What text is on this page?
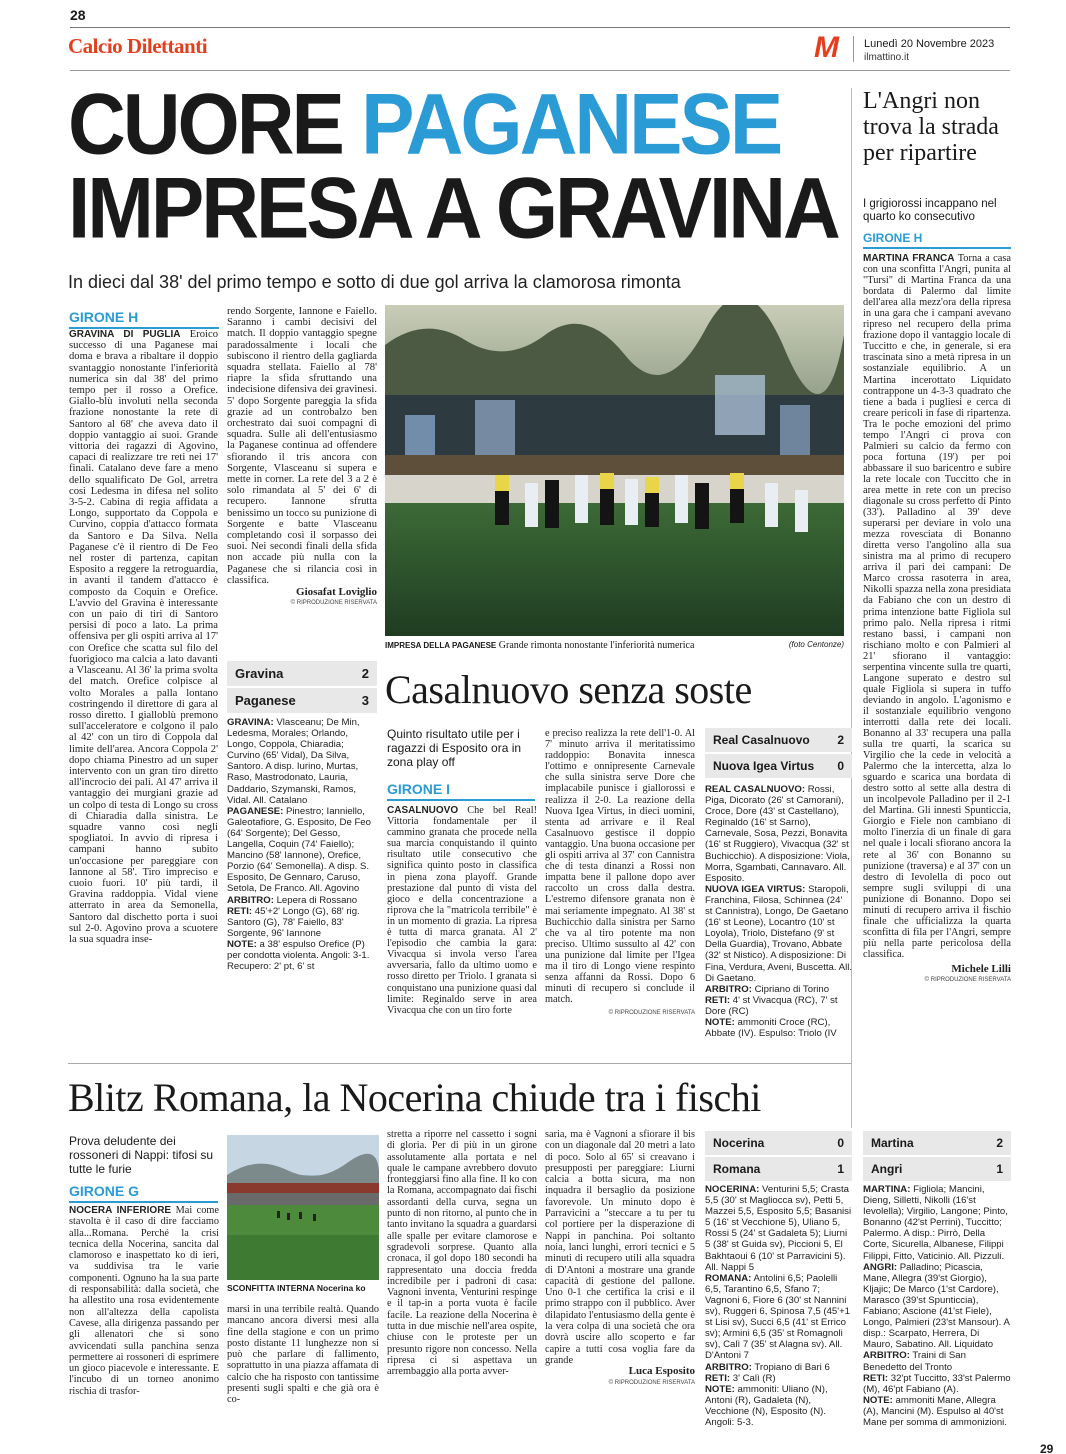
28
Calcio Dilettanti	M Lunedì 20 Novembre 2023
ilmattino.it
CUORE PAGANESE
IMPRESA A GRAVINA
In dieci dal 38' del primo tempo e sotto di due gol arriva la clamorosa rimonta
L'Angri non trova la strada per ripartire
I grigiorossi incappano nel quarto ko consecutivo
GIRONE H
MARTINA FRANCA Torna a casa con una sconfitta l'Angri, punita al "Tursi" di Martina Franca da una bordata di Palermo dal limite dell'area alla mezz'ora della ripresa in una gara che i campani avevano ripreso nel recupero della prima frazione dopo il vantaggio locale di Tuccitto e che, in generale, si era trascinata sino a metà ripresa in un sostanziale equilibrio. A un Martina incerottato Liquidato contrappone un 4-3-3 quadrato che tiene a bada i pugliesi e cerca di creare pericoli in fase di ripartenza. Tra le poche emozioni del primo tempo l'Angri ci prova con Palmieri su calcio da fermo con poca fortuna (19') per poi abbassare il suo baricentro e subire la rete locale con Tuccitto che in area mette in rete con un preciso diagonale su cross perfetto di Pinto (33'). Palladino al 39' deve superarsi per deviare in volo una mezza rovesciata di Bonanno diretta verso l'angolino alla sua sinistra ma al primo di recupero arriva il pari dei campani: De Marco crossa rasoterra in area, Nikolli spazza nella zona presidiata da Fabiano che con un destro di prima intenzione batte Figliola sul primo palo. Nella ripresa i ritmi restano bassi, i campani non rischiano molto e con Palmieri al 21' sfiorano il vantaggio: serpentina vincente sulla tre quarti, Langone superato e destro sul quale Figliola si supera in tuffo deviando in angolo. L'agonismo e il sostanziale equilibrio vengono interrotti dalla rete dei locali. Bonanno al 33' recupera una palla sulla tre quarti, la scarica su Virgilio che la cede in velocità a Palermo che la intercetta, alza lo sguardo e scarica una bordata di destro sotto al sette alla destra di un incolpevole Palladino per il 2-1 del Martina. Gli innesti Spunticcia, Giorgio e Fiele non cambiano di molto l'inerzia di un finale di gara nel quale i locali sfiorano ancora la rete al 36' con Bonanno su punizione (traversa) e al 37' con un destro di Ievolella di poco out sempre sugli sviluppi di una punizione di Bonanno. Dopo sei minuti di recupero arriva il fischio finale che ufficializza la quarta sconfitta di fila per l'Angri, sempre più nella parte pericolosa della classifica.
Michele Lilli
© RIPRODUZIONE RISERVATA
GIRONE H
GRAVINA DI PUGLIA Eroico successo di una Paganese mai doma e brava a ribaltare il doppio svantaggio nonostante l'inferiorità numerica sin dal 38' del primo tempo per il rosso a Orefice. Giallo-blù involuti nella seconda frazione nonostante la rete di Santoro al 68' che aveva dato il doppio vantaggio ai suoi. Grande vittoria dei ragazzi di Agovino, capaci di realizzare tre reti nei 17' finali. Catalano deve fare a meno dello squalificato De Gol, arretra così Ledesma in difesa nel solito 3-5-2. Cabina di regia affidata a Longo, supportato da Coppola e Curvino, coppia d'attacco formata da Santoro e Da Silva. Nella Paganese c'è il rientro di De Feo nel roster di partenza, capitan Esposito a reggere la retroguardia, in avanti il tandem d'attacco è composto da Coquin e Orefice. L'avvio del Gravina è interessante con un paio di tiri di Santoro persisi di poco a lato. La prima offensiva per gli ospiti arriva al 17' con Orefice che scatta sul filo del fuorigioco ma calcia a lato davanti a Vlasceanu. Al 36' la prima svolta del match. Orefice colpisce al volto Morales a palla lontano costringendo il direttore di gara al rosso diretto. I gialloblù premono sull'acceleratore e colgono il palo al 42' con un tiro di Coppola dal limite dell'area. Ancora Coppola 2' dopo chiama Pinestro ad un super intervento con un gran tiro diretto all'incrocio dei pali. Al 47' arriva il vantaggio dei murgiani grazie ad un colpo di testa di Longo su cross di Chiaradia dalla sinistra. Le squadre vanno così negli spogliatoi. In avvio di ripresa i campani hanno subito un'occasione per pareggiare con Iannone al 58'. Tiro impreciso e cuoio fuori. 10' più tardi, il Gravina raddoppia. Vidal viene atterrato in area da Semonella, Santoro dal dischetto porta i suoi sul 2-0. Agovino prova a scuotere la sua squadra inse-
rendo Sorgente, Iannone e Faiello. Saranno i cambi decisivi del match. Il doppio vantaggio spegne paradossalmente i locali che subiscono il rientro della gagliarda squadra stellata. Faiello al 78' riapre la sfida sfruttando una indecisione difensiva dei gravinesi. 5' dopo Sorgente pareggia la sfida grazie ad un controbalzo ben orchestrato dai suoi compagni di squadra. Sulle ali dell'entusiasmo la Paganese continua ad offendere sfiorando il tris ancora con Sorgente, Vlasceanu si supera e mette in corner. La rete del 3 a 2 è solo rimandata al 5' dei 6' di recupero. Iannone sfrutta benissimo un tocco su punizione di Sorgente e batte Vlasceanu completando così il sorpasso dei suoi. Nei secondi finali della sfida non accade più nulla con la Paganese che si rilancia così in classifica.
Giosafat Loviglio
© RIPRODUZIONE RISERVATA
IMPRESA DELLA PAGANESE Grande rimonta nonostante l'inferiorità numerica	(foto Centonze)
Gravina	2
Paganese	3
GRAVINA: Vlasceanu; De Min, Ledesma, Morales; Orlando, Longo, Coppola, Chiaradia; Curvino (65' Vidal), Da Silva, Santoro. A disp. Iurino, Murtas, Raso, Mastrodonato, Lauria, Daddario, Szymanski, Ramos, Vidal. All. Catalano
PAGANESE: Pinestro; Ianniello, Galeotafiore, G. Esposito, De Feo (64' Sorgente); Del Gesso, Langella, Coquin (74' Faiello); Mancino (58' Iannone), Orefice, Porzio (64' Semonella). A disp. S. Esposito, De Gennaro, Caruso, Setola, De Franco. All. Agovino
ARBITRO: Lepera di Rossano
RETI: 45'+2' Longo (G), 68' rig. Santoro (G), 78' Faiello, 83' Sorgente, 96' Iannone
NOTE: a 38' espulso Orefice (P) per condotta violenta. Angoli: 3-1. Recupero: 2' pt, 6' st
Casalnuovo senza soste
Quinto risultato utile per i ragazzi di Esposito ora in zona play off
GIRONE I
CASALNUOVO Che bel Real! Vittoria fondamentale per il cammino granata che procede nella sua marcia conquistando il quinto risultato utile consecutivo che significa quinto posto in classifica in piena zona playoff. Grande prestazione dal punto di vista del gioco e della concentrazione a riprova che la "matricola terribile" è in un momento di grazia. La ripresa è tutta di marca granata. Al 2' l'episodio che cambia la gara: Vivacqua si invola verso l'area avversaria, fallo da ultimo uomo e rosso diretto per Triolo. I granata si conquistano una punizione quasi dal limite: Reginaldo serve in area Vivacqua che con un tiro forte
e preciso realizza la rete dell'1-0. Al 7' minuto arriva il meritatissimo raddoppio: Bonavita innesca l'ottimo e onnipresente Carnevale che sulla sinistra serve Dore che implacabile punisce i giallorossi e realizza il 2-0. La reazione della Nuova Igea Virtus, in dieci uomini, stenta ad arrivare e il Real Casalnuovo gestisce il doppio vantaggio. Una buona occasione per gli ospiti arriva al 37' con Cannistra che di testa dinanzi a Rossi non impatta bene il pallone dopo aver raccolto un cross dalla destra. L'estremo difensore granata non è mai seriamente impegnato. Al 38' st Buchicchio dalla sinistra per Sarno che va al tiro potente ma non preciso. Ultimo sussulto al 42' con una punizione dal limite per l'Igea ma il tiro di Longo viene respinto senza affanni da Rossi. Dopo 6 minuti di recupero si conclude il match.
© RIPRODUZIONE RISERVATA
Real Casalnuovo 2
Nuova Igea Virtus 0
REAL CASALNUOVO: Rossi, Piga, Dicorato (26' st Camorani), Croce, Dore (43' st Castellano), Reginaldo (16' st Sarno), Carnevale, Sosa, Pezzi, Bonavita (16' st Ruggiero), Vivacqua (32' st Buchicchio). A disposizione: Viola, Morra, Sgambati, Cannavaro. All. Esposito.
NUOVA IGEA VIRTUS: Staropoli, Franchina, Filosa, Schinnea (24' st Cannistra), Longo, De Gaetano (16' st Leone), Locantro (10' st Loyola), Triolo, Distefano (9' st Della Guardia), Trovano, Abbate (32' st Nistico). A disposizione: Di Fina, Verdura, Aveni, Buscetta. All. Di Gaetano.
ARBITRO: Cipriano di Torino
RETI: 4' st Vivacqua (RC), 7' st Dore (RC)
NOTE: ammoniti Croce (RC), Abbate (IV). Espulso: Triolo (IV
Blitz Romana, la Nocerina chiude tra i fischi
Prova deludente dei rossoneri di Nappi: tifosi su tutte le furie
GIRONE G
NOCERA INFERIORE Mai come stavolta è il caso di dire facciamo alla...Romana. Perché la crisi tecnica della Nocerina, sancita dal clamoroso e inaspettato ko di ieri, va suddivisa tra le varie componenti. Ognuno ha la sua parte di responsabilità: dalla società, che ha allestito una rosa evidentemente non all'altezza della capolista Cavese, alla dirigenza passando per gli allenatori che si sono avvicendati sulla panchina senza permettere ai rossoneri di esprimere un gioco piacevole e interessante. E l'incubo di un torneo anonimo rischia di trasfor-
SCONFITTA INTERNA Nocerina ko
marsi in una terribile realtà. Quando mancano ancora diversi mesi alla fine della stagione e con un primo posto distante 11 lunghezze non si può che parlare di fallimento, soprattutto in una piazza affamata di calcio che ha risposto con tantissime presenti sugli spalti e che già ora è co-
stretta a riporre nel cassetto i sogni di gloria. Per di più in un girone assolutamente alla portata e nel quale le campane avrebbero dovuto fronteggiarsi fino alla fine. Il ko con la Romana, accompagnato dai fischi assordanti della curva, segna un punto di non ritorno, al punto che in tanto invitano la squadra a guardarsi alle spalle per evitare clamorose e sgradevoli sorprese. Quanto alla cronaca, il gol dopo 180 secondi ha rappresentato una doccia fredda incredibile per i padroni di casa: Vagnoni inventa, Venturini respinge e il tap-in a porta vuota è facile facile. La reazione della Nocerina è tutta in due mischie nell'area ospite, chiuse con le proteste per un presunto rigore non concesso. Nella ripresa ci si aspettava un arrembaggio alla porta avver-
saria, ma è Vagnoni a sfiorare il bis con un diagonale dal 20 metri a lato di poco. Solo al 65' si creavano i presupposti per pareggiare: Liurni calcia a botta sicura, ma non inquadra il bersaglio da posizione favorevole. Un minuto dopo è Parravicini a "steccare a tu per tu col portiere per la disperazione di Nappi in panchina. Poi soltanto noia, lanci lunghi, errori tecnici e 5 minuti di recupero utili alla squadra di D'Antoni a mostrare una grande capacità di gestione del pallone. Uno 0-1 che certifica la crisi e il primo strappo con il pubblico. Aver dilapidato l'entusiasmo della gente è la vera colpa di una società che ora dovrà uscire allo scoperto e far capire a tutti cosa voglia fare da grande
Luca Esposito
© RIPRODUZIONE RISERVATA
Nocerina	0
Romana	1
NOCERINA: Venturini 5,5; Crasta 5,5 (30' st Magliocca sv), Petti 5, Mazzei 5,5, Esposito 5,5; Basanisi 5 (16' st Vecchione 5), Uliano 5, Rossi 5 (24' st Gadaleta 5); Liurni 5 (38' st Guida sv), Piccioni 5, El Bakhtaoui 6 (10' st Parravicini 5). All. Nappi 5
ROMANA: Antolini 6,5; Paolelli 6,5, Tarantino 6,5, Sfano 7; Vagnoni 6, Fiore 6 (30' st Nannini sv), Ruggeri 6, Spinosa 7,5 (45'+1 st Lisi sv), Succi 6,5 (41' st Errico sv); Armini 6,5 (35' st Romagnoli sv), Calì 7 (35' st Alagna sv). All. D'Antoni 7
ARBITRO: Tropiano di Bari 6
RETI: 3' Calì (R)
NOTE: ammoniti: Uliano (N), Antoni (R), Gadaleta (N), Vecchione (N), Esposito (N). Angoli: 5-3.
Martina	2
Angri	1
MARTINA: Figliola; Mancini, Dieng, Silletti, Nikolli (16'st Ievolella); Virgilio, Langone; Pinto, Bonanno (42'st Perrini), Tuccitto; Palermo. A disp.: Pirrò, Della Corte, Sicurella, Albanese, Filippi Filippi, Fitto, Vaticinio. All. Pizzuli.
ANGRI: Palladino; Picascia, Mane, Allegra (39'st Giorgio), Kljajic; De Marco (1'st Cardore), Marasco (39'st Spunticcia), Fabiano; Ascione (41'st Fiele), Longo, Palmieri (23'st Mansour). A disp.: Scarpato, Herrera, Di Mauro, Sabatino. All. Liquidato
ARBITRO: Traini di San Benedetto del Tronto
RETI: 32'pt Tuccitto, 33'st Palermo (M), 46'pt Fabiano (A).
NOTE: ammoniti Mane, Allegra (A), Mancini (M). Espulso al 40'st Mane per somma di ammonizioni.
29
